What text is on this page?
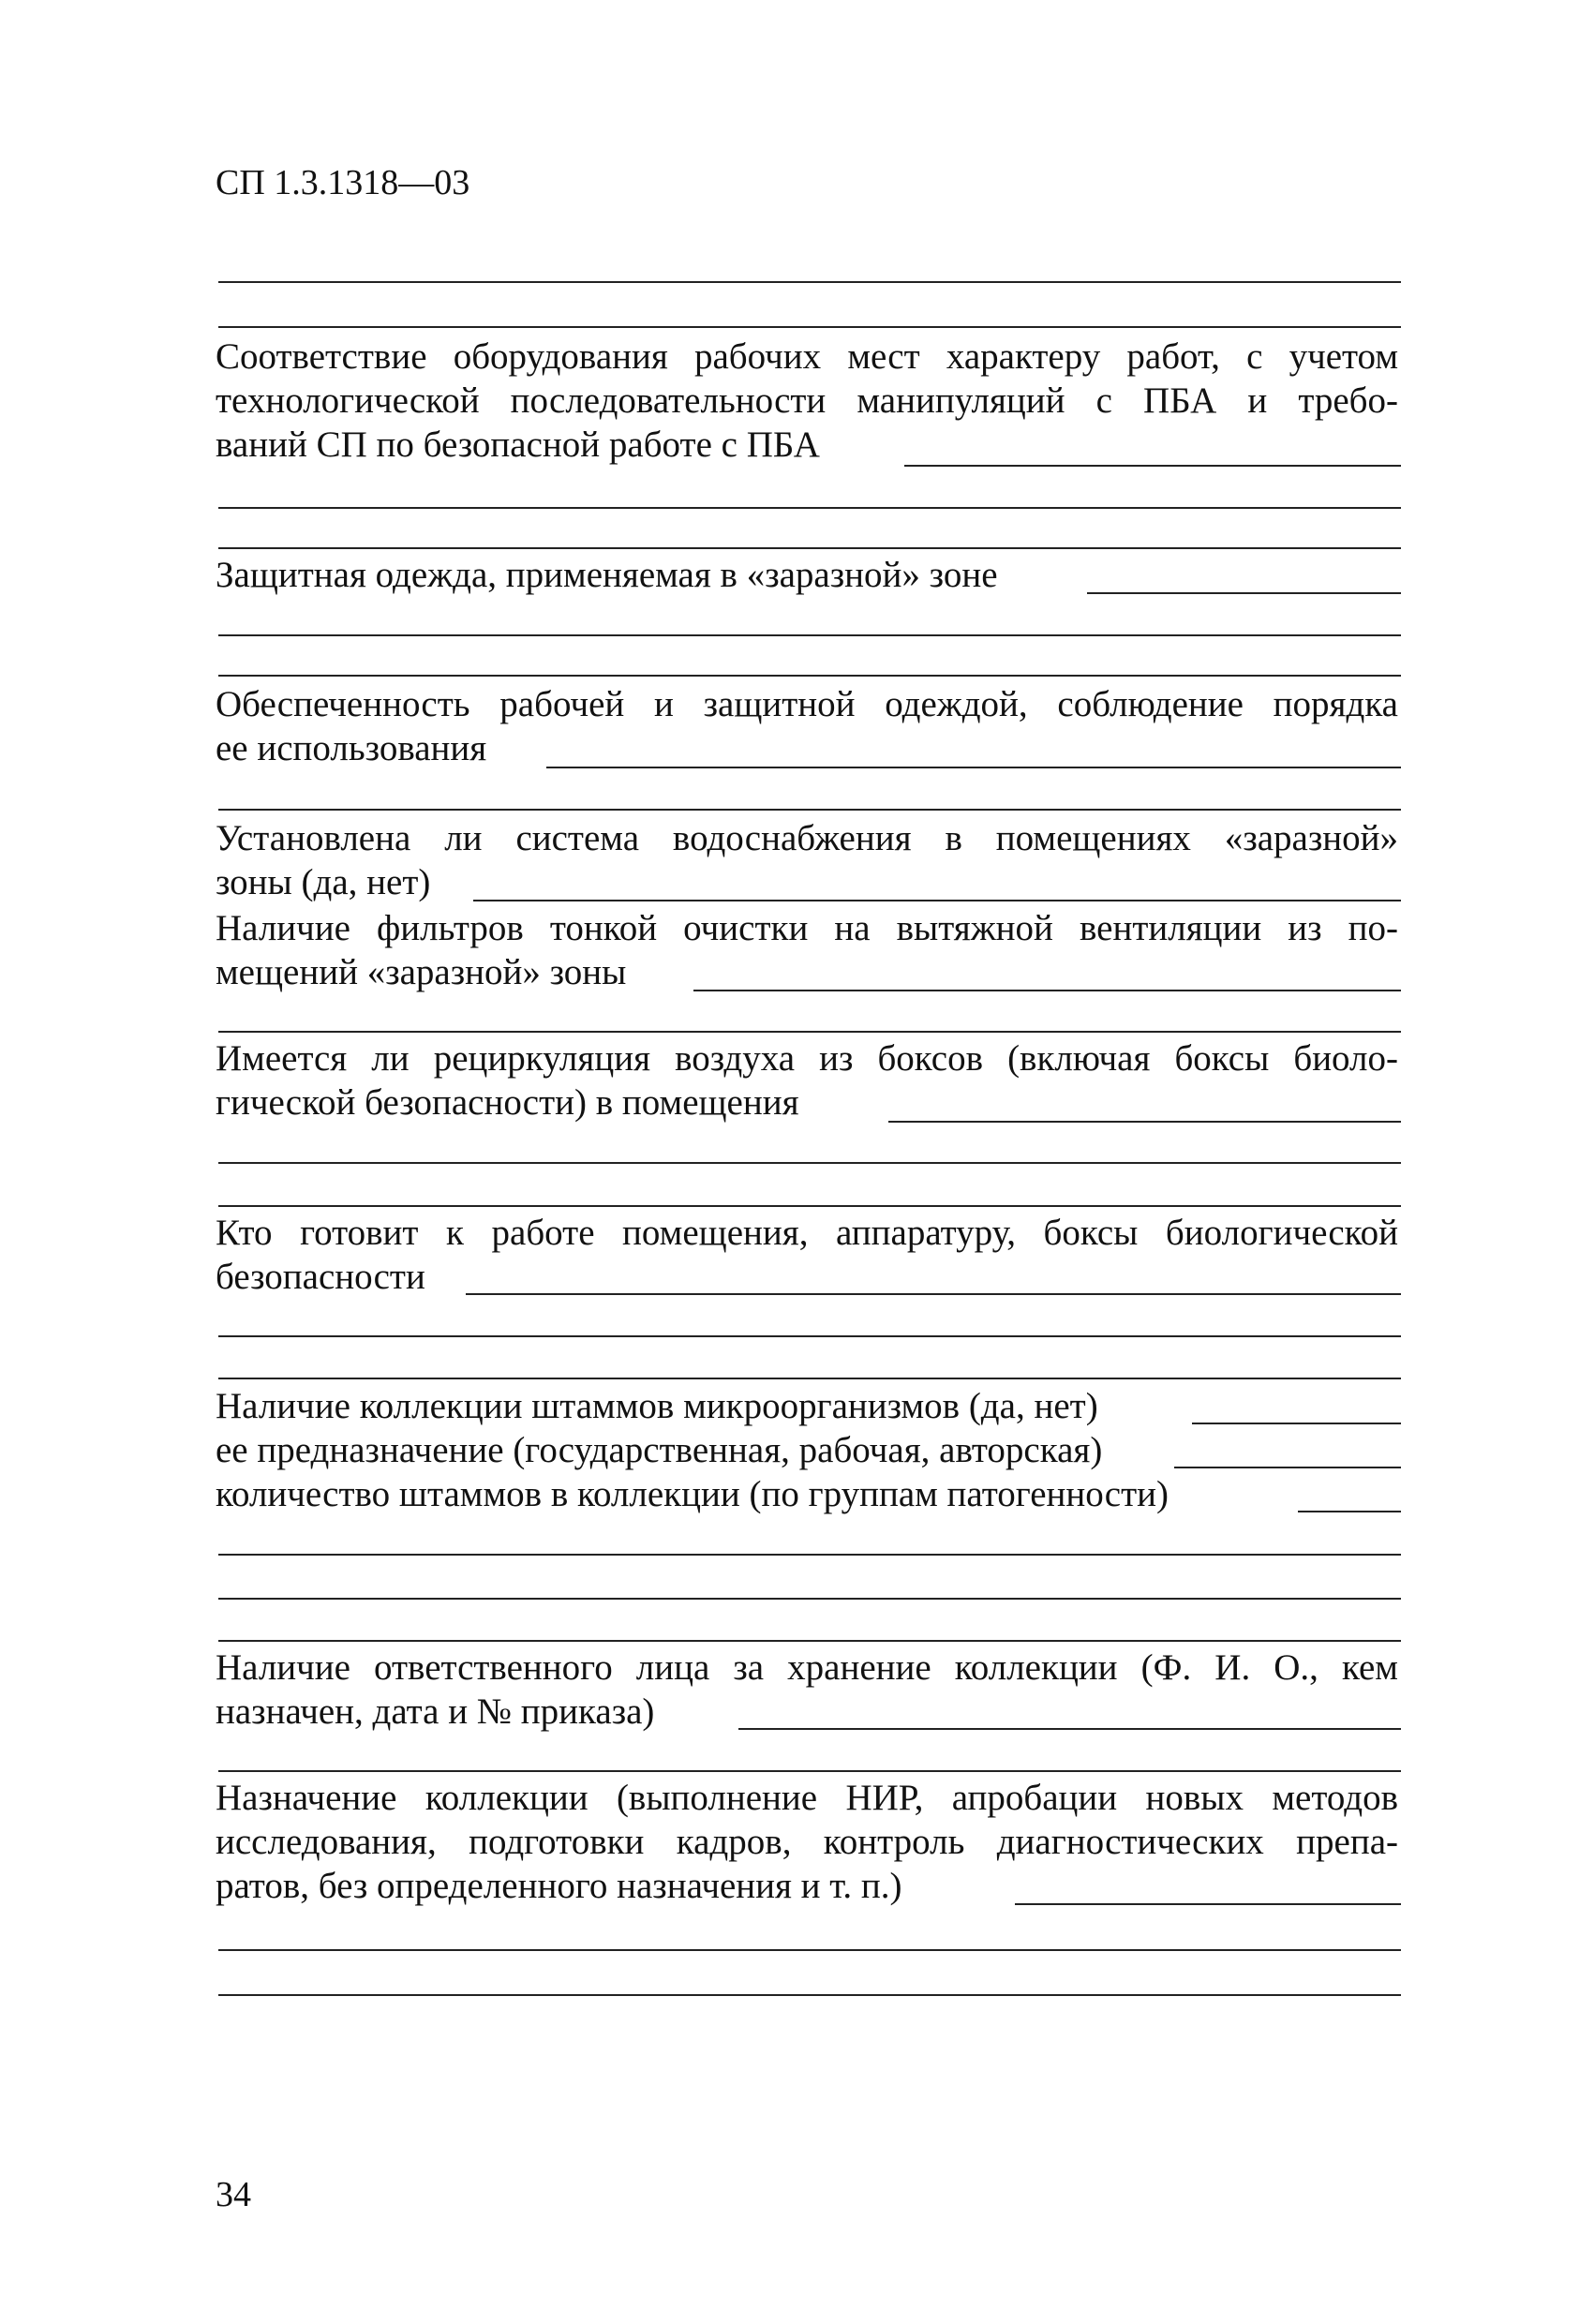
СП 1.3.1318—03
Соответствие оборудования рабочих мест характеру работ, с учетом
технологической последовательности манипуляций с ПБА и требо-
ваний СП по безопасной работе с ПБА
Защитная одежда, применяемая в «заразной» зоне
Обеспеченность рабочей и защитной одеждой, соблюдение порядка
ее использования
Установлена ли система водоснабжения в помещениях «заразной»
зоны (да, нет)
Наличие фильтров тонкой очистки на вытяжной вентиляции из по-
мещений «заразной» зоны
Имеется ли рециркуляция воздуха из боксов (включая боксы биоло-
гической безопасности) в помещения
Кто готовит к работе помещения, аппаратуру, боксы биологической
безопасности
Наличие коллекции штаммов микроорганизмов (да, нет)
ее предназначение (государственная, рабочая, авторская)
количество штаммов в коллекции (по группам патогенности)
Наличие ответственного лица за хранение коллекции (Ф. И. О., кем
назначен, дата и № приказа)
Назначение коллекции (выполнение НИР, апробации новых методов
исследования, подготовки кадров, контроль диагностических препа-
ратов, без определенного назначения и т. п.)
34
